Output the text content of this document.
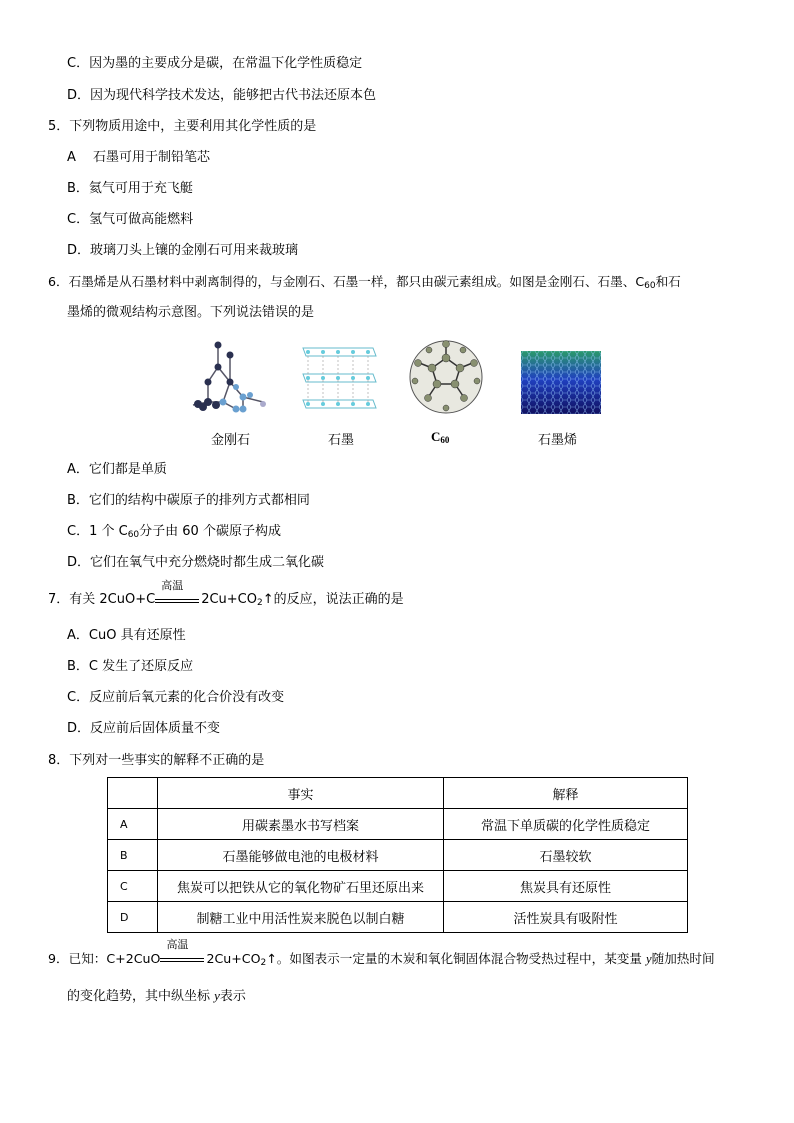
C．因为墨的主要成分是碳，在常温下化学性质稳定
D．因为现代科学技术发达，能够把古代书法还原本色
5．下列物质用途中，主要利用其化学性质的是
A　 石墨可用于制铅笔芯
B．氦气可用于充飞艇
C．氢气可做高能燃料
D．玻璃刀头上镶的金刚石可用来裁玻璃
6．石墨烯是从石墨材料中剥离制得的，与金刚石、石墨一样，都只由碳元素组成。如图是金刚石、石墨、$C_{60}$和石
墨烯的微观结构示意图。下列说法错误的是
金刚石	石墨	$C_{60}$	石墨烯
A．它们都是单质
B．它们的结构中碳原子的排列方式都相同
C．1 个 $C_{60}$分子由 60 个碳原子构成
D．它们在氧气中充分燃烧时都生成二氧化碳
7．有关 2CuO+C
高温
$2Cu+CO_2↑$的反应，说法正确的是
A．CuO 具有还原性
B．C 发生了还原反应
C．反应前后氧元素的化合价没有改变
D．反应前后固体质量不变
8．下列对一些事实的解释不正确的是
	事实	解释
A	用碳素墨水书写档案	常温下单质碳的化学性质稳定
B	石墨能够做电池的电极材料	石墨较软
C	焦炭可以把铁从它的氧化物矿石里还原出来	焦炭具有还原性
D	制糖工业中用活性炭来脱色以制白糖	活性炭具有吸附性
9．已知：C+2CuO
高温
$2Cu+CO_2↑$。如图表示一定量的木炭和氧化铜固体混合物受热过程中，某变量 y随加热时间
的变化趋势，其中纵坐标 y表示
